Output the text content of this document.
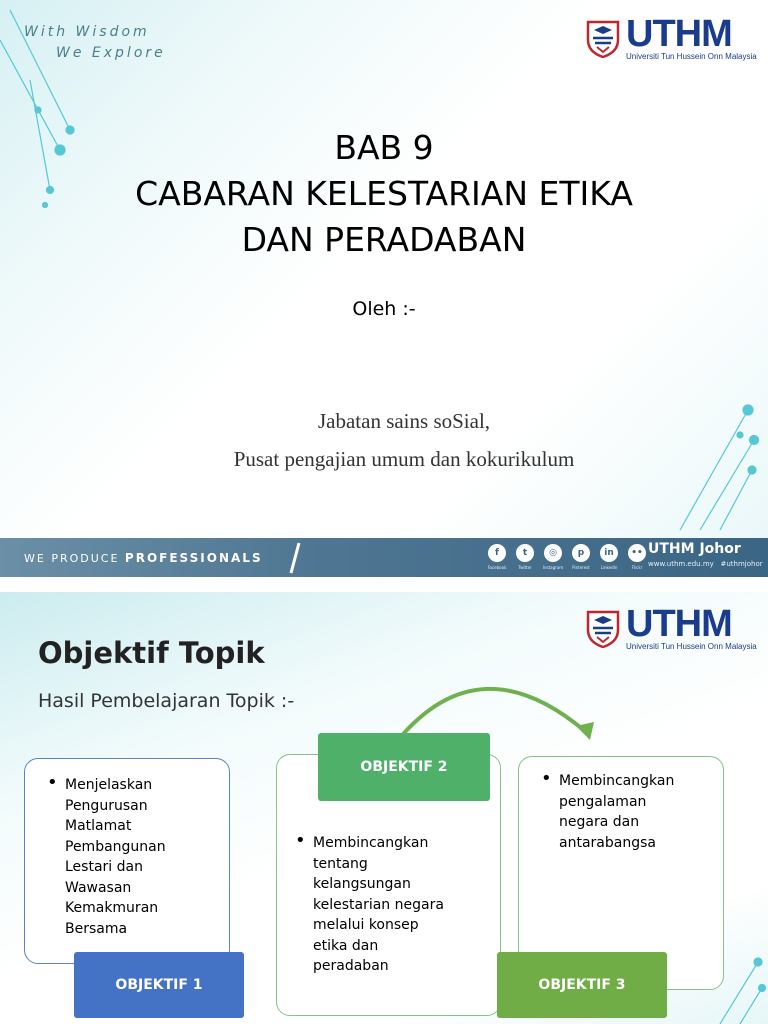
With Wisdom
We Explore	UTHM
Universiti Tun Hussein Onn Malaysia
BAB 9
CABARAN KELESTARIAN ETIKA
DAN PERADABAN
Oleh :-
Jabatan sains soSial,
Pusat pengajian umum dan kokurikulum
WE PRODUCE PROFESSIONALS	f
Facebook
t
Twitter
◎
Instagram
p
Pinterest
in
LinkedIn
••
Flickr
UTHM Johor
www.uthm.edu.my #uthmjohor
UTHM
Universiti Tun Hussein Onn Malaysia
Objektif Topik
Hasil Pembelajaran Topik :-
• Menjelaskan
Pengurusan
Matlamat
Pembangunan
Lestari dan
Wawasan
Kemakmuran
Bersama
• Membincangkan
tentang
kelangsungan
kelestarian negara
melalui konsep
etika dan
peradaban
• Membincangkan
pengalaman
negara dan
antarabangsa
OBJEKTIF 1
OBJEKTIF 2
OBJEKTIF 3
